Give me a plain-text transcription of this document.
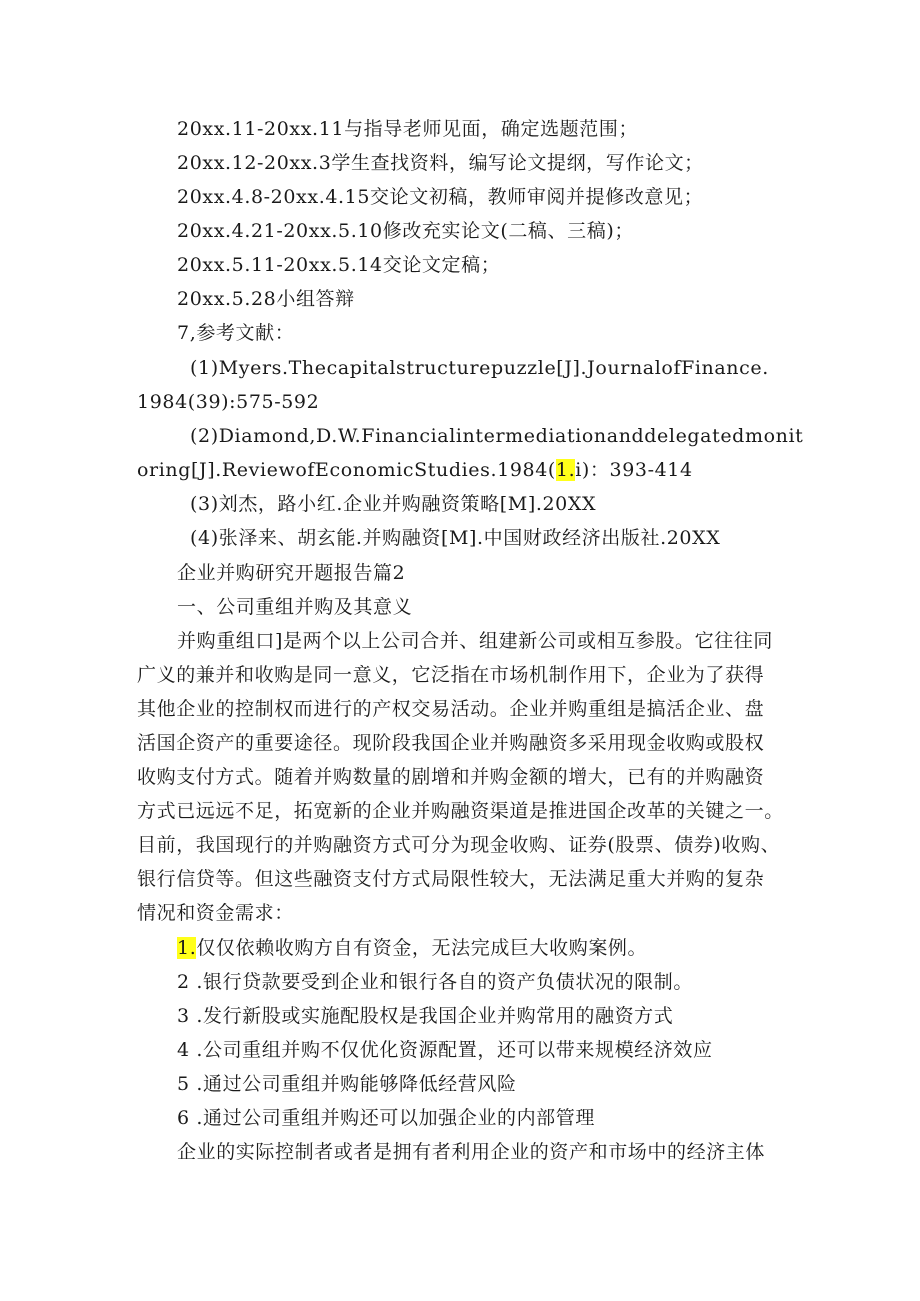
20xx.11-20xx.11与指导老师见面，确定选题范围；
20xx.12-20xx.3学生查找资料，编写论文提纲，写作论文；
20xx.4.8-20xx.4.15交论文初稿，教师审阅并提修改意见；
20xx.4.21-20xx.5.10修改充实论文(二稿、三稿)；
20xx.5.11-20xx.5.14交论文定稿；
20xx.5.28小组答辩
7,参考文献：
(1)Myers.Thecapitalstructurepuzzle[J].JournalofFinance.
1984(39):575-592
(2)Diamond,D.W.Financialintermediationanddelegatedmonit
oring[J].ReviewofEconomicStudies.1984(1.i)：393-414
(3)刘杰，路小红.企业并购融资策略[M].20XX
(4)张泽来、胡玄能.并购融资[M].中国财政经济出版社.20XX
企业并购研究开题报告篇2
一、公司重组并购及其意义
并购重组口]是两个以上公司合并、组建新公司或相互参股。它往往同
广义的兼并和收购是同一意义，它泛指在市场机制作用下，企业为了获得
其他企业的控制权而进行的产权交易活动。企业并购重组是搞活企业、盘
活国企资产的重要途径。现阶段我国企业并购融资多采用现金收购或股权
收购支付方式。随着并购数量的剧增和并购金额的增大，已有的并购融资
方式已远远不足，拓宽新的企业并购融资渠道是推进国企改革的关键之一。
目前，我国现行的并购融资方式可分为现金收购、证券(股票、债券)收购、
银行信贷等。但这些融资支付方式局限性较大，无法满足重大并购的复杂
情况和资金需求：
1.仅仅依赖收购方自有资金，无法完成巨大收购案例。
2 .银行贷款要受到企业和银行各自的资产负债状况的限制。
3 .发行新股或实施配股权是我国企业并购常用的融资方式
4 .公司重组并购不仅优化资源配置，还可以带来规模经济效应
5 .通过公司重组并购能够降低经营风险
6 .通过公司重组并购还可以加强企业的内部管理
企业的实际控制者或者是拥有者利用企业的资产和市场中的经济主体
